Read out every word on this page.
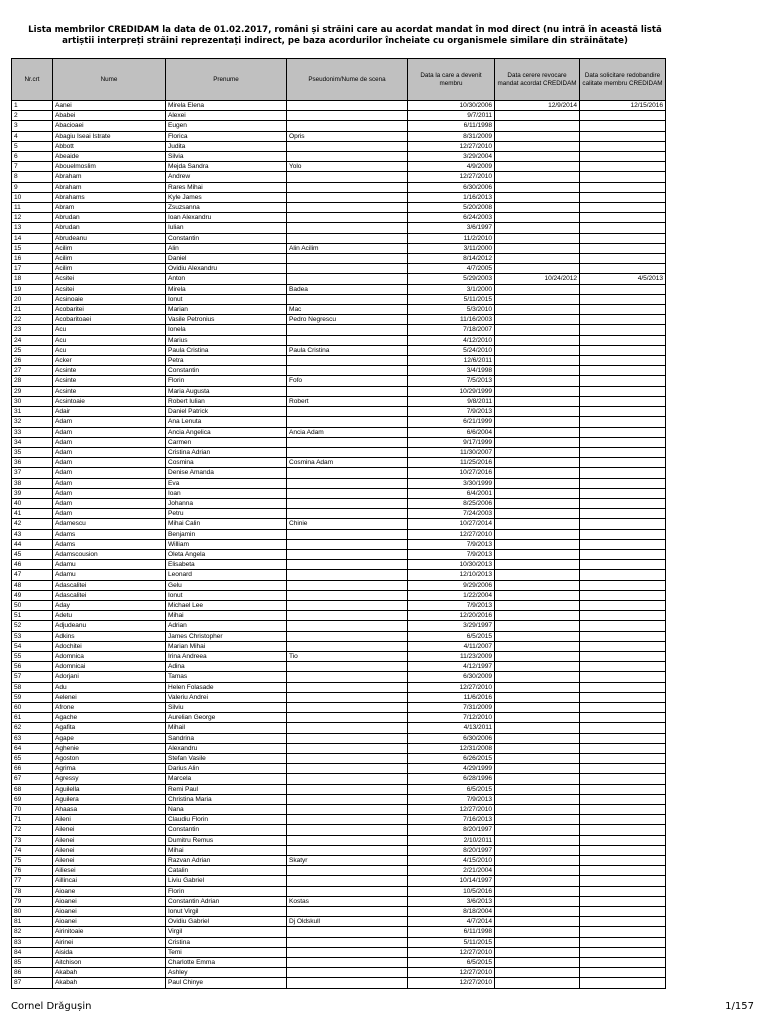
Lista membrilor CREDIDAM la data de 01.02.2017, români și străini care au acordat mandat în mod direct (nu intră în această listă artiștii interpreți străini reprezentați indirect, pe baza acordurilor încheiate cu organismele similare din străinătate)
Nr.crt	Nume	Prenume	Pseudonim/Nume de scena	Data la care a devenit membru	Data cerere revocare mandat acordat CREDIDAM	Data solicitare redobandire calitate membru CREDIDAM
1	Aanei	Mirela Elena		10/30/2006	12/9/2014	12/15/2016
2	Ababei	Alexei		9/7/2011		
3	Abacioaei	Eugen		6/11/1998		
4	Abagiu Iseai Istrate	Florica	Opris	8/31/2009		
5	Abbott	Judita		12/27/2010		
6	Abeaide	Silvia		3/29/2004		
7	Abouelmoslim	Mejda Sandra	Yolo	4/9/2009		
8	Abraham	Andrew		12/27/2010		
9	Abraham	Rares Mihai		6/30/2006		
10	Abrahams	Kyle James		1/16/2013		
11	Abram	Zsuzsanna		5/20/2008		
12	Abrudan	Ioan Alexandru		6/24/2003		
13	Abrudan	Iulian		3/6/1997		
14	Abrudeanu	Constantin		11/2/2010		
15	Acilim	Alin	Alin Acilim	3/11/2000		
16	Acilim	Daniel		8/14/2012		
17	Acilim	Ovidiu Alexandru		4/7/2005		
18	Acsitei	Anton		5/29/2003	10/24/2012	4/5/2013
19	Acsitei	Mirela	Badea	3/1/2000		
20	Acsinoaie	Ionut		5/11/2015		
21	Acobaritei	Marian	Mac	5/3/2010		
22	Acobaritoaei	Vasile Petronius	Pedro Negrescu	11/16/2003		
23	Acu	Ionela		7/18/2007		
24	Acu	Marius		4/12/2010		
25	Acu	Paula Cristina	Paula Cristina	5/24/2010		
26	Acker	Petra		12/6/2011		
27	Acsinte	Constantin		3/4/1998		
28	Acsinte	Florin	Fofo	7/5/2013		
29	Acsinte	Maria Augusta		10/29/1999		
30	Acsintoaie	Robert Iulian	Robert	9/8/2011		
31	Adair	Daniel Patrick		7/9/2013		
32	Adam	Ana Lenuta		6/21/1999		
33	Adam	Ancia Angelica	Ancia Adam	6/6/2004		
34	Adam	Carmen		9/17/1999		
35	Adam	Cristina Adrian		11/30/2007		
36	Adam	Cosmina	Cosmina Adam	11/25/2016		
37	Adam	Denise Amanda		10/27/2016		
38	Adam	Eva		3/30/1999		
39	Adam	Ioan		6/4/2001		
40	Adam	Johanna		8/25/2006		
41	Adam	Petru		7/24/2003		
42	Adamescu	Mihai Calin	Chinie	10/27/2014		
43	Adams	Benjamin		12/27/2010		
44	Adams	William		7/9/2013		
45	Adamscousion	Oleta Angela		7/9/2013		
46	Adamu	Elisabeta		10/30/2013		
47	Adamu	Leonard		12/10/2013		
48	Adascalitei	Gelu		9/29/2006		
49	Adascalitei	Ionut		1/22/2004		
50	Aday	Michael Lee		7/9/2013		
51	Adetu	Mihai		12/20/2016		
52	Adjudeanu	Adrian		3/29/1997		
53	Adkins	James Christopher		6/5/2015		
54	Adochitei	Marian Mihai		4/11/2007		
55	Adomnica	Irina Andreea	Tio	11/23/2009		
56	Adomnicai	Adina		4/12/1997		
57	Adorjani	Tamas		6/30/2009		
58	Adu	Helen Folasade		12/27/2010		
59	Aelenei	Valeriu Andrei		11/6/2016		
60	Afrone	Silviu		7/31/2009		
61	Agache	Aurelian George		7/12/2010		
62	Agafita	Mihail		4/13/2011		
63	Agape	Sandrina		6/30/2006		
64	Aghenie	Alexandru		12/31/2008		
65	Agoston	Stefan Vasile		6/26/2015		
66	Agrima	Darius Alin		4/29/1999		
67	Agressy	Marcela		6/28/1996		
68	Aguilella	Remi Paul		6/5/2015		
69	Aguilera	Christina Maria		7/9/2013		
70	Ahaasa	Nana		12/27/2010		
71	Aileni	Claudiu Florin		7/16/2013		
72	Ailenei	Constantin		8/20/1997		
73	Ailenei	Dumitru Remus		2/10/2011		
74	Ailenei	Mihai		8/20/1997		
75	Ailenei	Razvan Adrian	Skatyr	4/15/2010		
76	Ailiesei	Catalin		2/21/2004		
77	Aillincai	Liviu Gabriel		10/14/1997		
78	Aioane	Florin		10/5/2016		
79	Aioanei	Constantin Adrian	Kostas	3/6/2013		
80	Aioanei	Ionut Virgil		8/18/2004		
81	Aioanei	Ovidiu Gabriel	Dj Oldskull	4/7/2014		
82	Airinitoaie	Virgil		6/11/1998		
83	Airinei	Cristina		5/11/2015		
84	Aisida	Temi		12/27/2010		
85	Aitchison	Charlotte Emma		6/5/2015		
86	Akabah	Ashley		12/27/2010		
87	Akabah	Paul Chinye		12/27/2010		
Cornel Drăgușin	1/157
